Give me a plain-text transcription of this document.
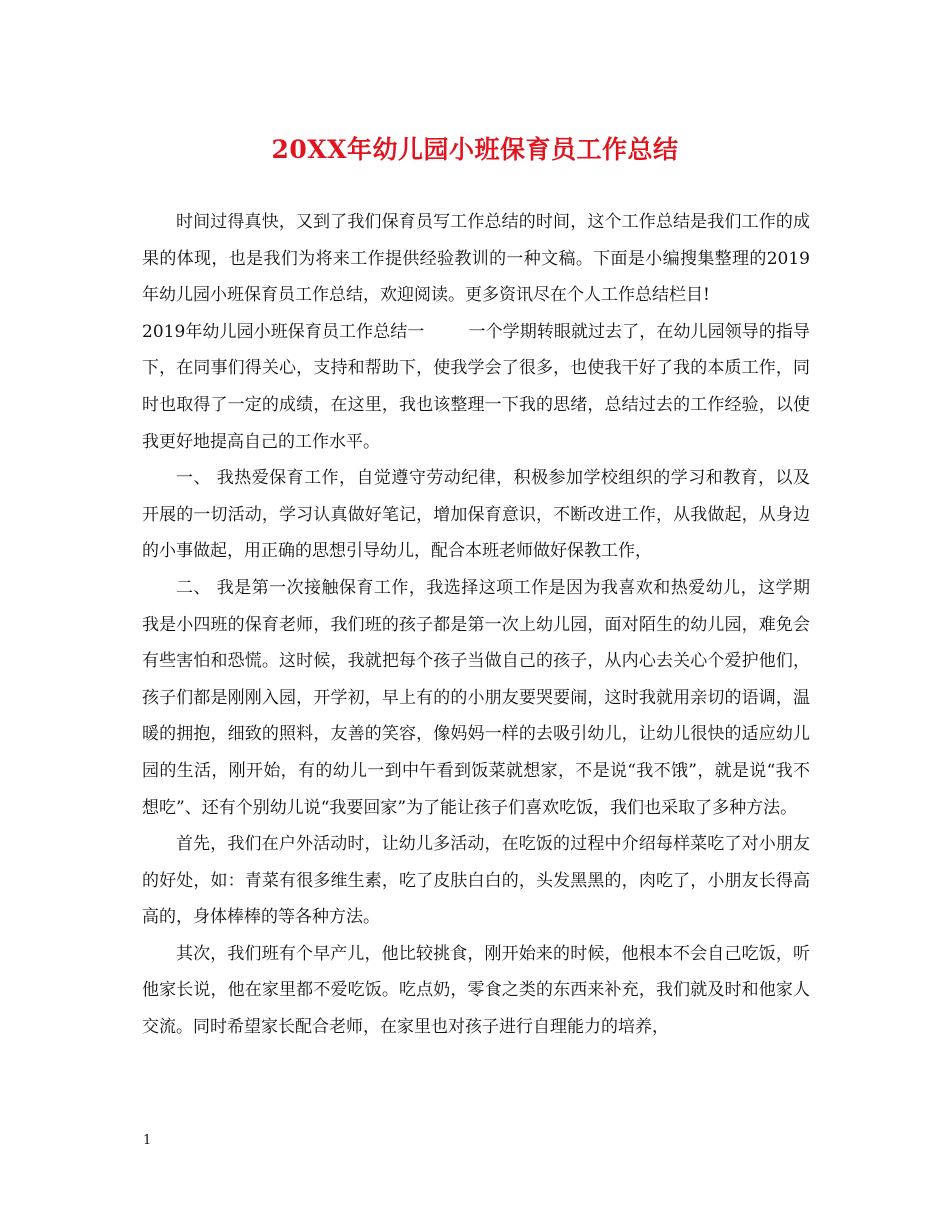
20XX年幼儿园小班保育员工作总结

时间过得真快，又到了我们保育员写工作总结的时间，这个工作总结是我们工作的成果的体现，也是我们为将来工作提供经验教训的一种文稿。下面是小编搜集整理的2019年幼儿园小班保育员工作总结，欢迎阅读。更多资讯尽在个人工作总结栏目!

2019年幼儿园小班保育员工作总结一	一个学期转眼就过去了，在幼儿园领导的指导下，在同事们得关心，支持和帮助下，使我学会了很多，也使我干好了我的本质工作，同时也取得了一定的成绩，在这里，我也该整理一下我的思绪，总结过去的工作经验，以使我更好地提高自己的工作水平。

一、 我热爱保育工作，自觉遵守劳动纪律，积极参加学校组织的学习和教育，以及开展的一切活动，学习认真做好笔记，增加保育意识，不断改进工作，从我做起，从身边的小事做起，用正确的思想引导幼儿，配合本班老师做好保教工作，

二、 我是第一次接触保育工作，我选择这项工作是因为我喜欢和热爱幼儿，这学期我是小四班的保育老师，我们班的孩子都是第一次上幼儿园，面对陌生的幼儿园，难免会有些害怕和恐慌。这时候，我就把每个孩子当做自己的孩子，从内心去关心个爱护他们，孩子们都是刚刚入园，开学初，早上有的的小朋友要哭要闹，这时我就用亲切的语调，温暖的拥抱，细致的照料，友善的笑容，像妈妈一样的去吸引幼儿，让幼儿很快的适应幼儿园的生活，刚开始，有的幼儿一到中午看到饭菜就想家，不是说“我不饿”，就是说“我不想吃”、还有个别幼儿说“我要回家”为了能让孩子们喜欢吃饭，我们也采取了多种方法。

首先，我们在户外活动时，让幼儿多活动，在吃饭的过程中介绍每样菜吃了对小朋友的好处，如：青菜有很多维生素，吃了皮肤白白的，头发黑黑的，肉吃了，小朋友长得高高的，身体棒棒的等各种方法。

其次，我们班有个早产儿，他比较挑食，刚开始来的时候，他根本不会自己吃饭，听他家长说，他在家里都不爱吃饭。吃点奶，零食之类的东西来补充，我们就及时和他家人交流。同时希望家长配合老师，在家里也对孩子进行自理能力的培养，

1
